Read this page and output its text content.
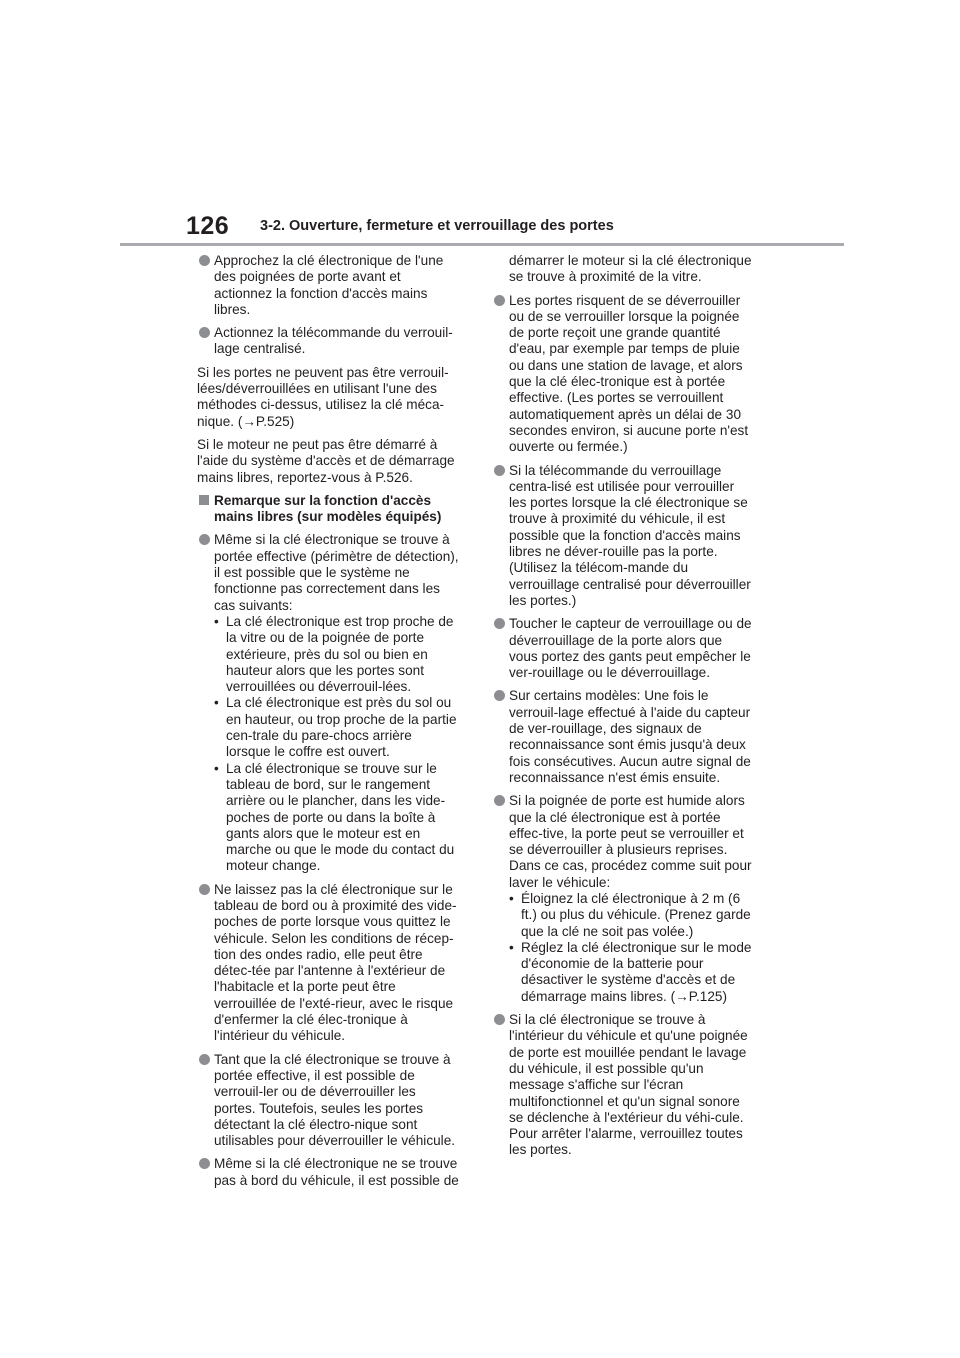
126 3-2. Ouverture, fermeture et verrouillage des portes
Approchez la clé électronique de l'une des poignées de porte avant et actionnez la fonction d'accès mains libres.
Actionnez la télécommande du verrouil-lage centralisé.
Si les portes ne peuvent pas être verrouil-lées/déverrouillées en utilisant l'une des méthodes ci-dessus, utilisez la clé méca-nique. (→P.525)
Si le moteur ne peut pas être démarré à l'aide du système d'accès et de démarrage mains libres, reportez-vous à P.526.
Remarque sur la fonction d'accès mains libres (sur modèles équipés)
Même si la clé électronique se trouve à portée effective (périmètre de détection), il est possible que le système ne fonctionne pas correctement dans les cas suivants:
• La clé électronique est trop proche de la vitre ou de la poignée de porte extérieure, près du sol ou bien en hauteur alors que les portes sont verrouillées ou déverrouil-lées.
• La clé électronique est près du sol ou en hauteur, ou trop proche de la partie cen-trale du pare-chocs arrière lorsque le coffre est ouvert.
• La clé électronique se trouve sur le tableau de bord, sur le rangement arrière ou le plancher, dans les vide-poches de porte ou dans la boîte à gants alors que le moteur est en marche ou que le mode du contact du moteur change.
Ne laissez pas la clé électronique sur le tableau de bord ou à proximité des vide-poches de porte lorsque vous quittez le véhicule. Selon les conditions de récep-tion des ondes radio, elle peut être détec-tée par l'antenne à l'extérieur de l'habitacle et la porte peut être verrouillée de l'exté-rieur, avec le risque d'enfermer la clé élec-tronique à l'intérieur du véhicule.
Tant que la clé électronique se trouve à portée effective, il est possible de verrouil-ler ou de déverrouiller les portes. Toutefois, seules les portes détectant la clé électro-nique sont utilisables pour déverrouiller le véhicule.
Même si la clé électronique ne se trouve pas à bord du véhicule, il est possible de
démarrer le moteur si la clé électronique se trouve à proximité de la vitre.
Les portes risquent de se déverrouiller ou de se verrouiller lorsque la poignée de porte reçoit une grande quantité d'eau, par exemple par temps de pluie ou dans une station de lavage, et alors que la clé élec-tronique est à portée effective. (Les portes se verrouillent automatiquement après un délai de 30 secondes environ, si aucune porte n'est ouverte ou fermée.)
Si la télécommande du verrouillage centra-lisé est utilisée pour verrouiller les portes lorsque la clé électronique se trouve à proximité du véhicule, il est possible que la fonction d'accès mains libres ne déver-rouille pas la porte. (Utilisez la télécom-mande du verrouillage centralisé pour déverrouiller les portes.)
Toucher le capteur de verrouillage ou de déverrouillage de la porte alors que vous portez des gants peut empêcher le ver-rouillage ou le déverrouillage.
Sur certains modèles: Une fois le verrouil-lage effectué à l'aide du capteur de ver-rouillage, des signaux de reconnaissance sont émis jusqu'à deux fois consécutives. Aucun autre signal de reconnaissance n'est émis ensuite.
Si la poignée de porte est humide alors que la clé électronique est à portée effec-tive, la porte peut se verrouiller et se déverrouiller à plusieurs reprises. Dans ce cas, procédez comme suit pour laver le véhicule:
• Éloignez la clé électronique à 2 m (6 ft.) ou plus du véhicule. (Prenez garde que la clé ne soit pas volée.)
• Réglez la clé électronique sur le mode d'économie de la batterie pour désactiver le système d'accès et de démarrage mains libres. (→P.125)
Si la clé électronique se trouve à l'intérieur du véhicule et qu'une poignée de porte est mouillée pendant le lavage du véhicule, il est possible qu'un message s'affiche sur l'écran multifonctionnel et qu'un signal sonore se déclenche à l'extérieur du véhi-cule. Pour arrêter l'alarme, verrouillez toutes les portes.
